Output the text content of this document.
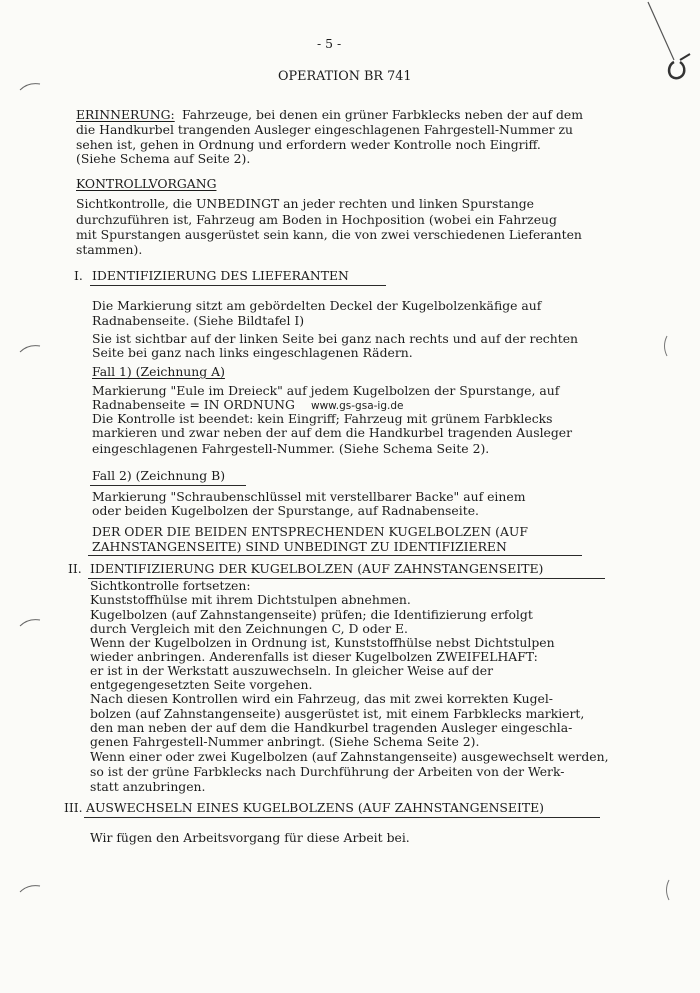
- 5 -
OPERATION BR 741
ERINNERUNG: Fahrzeuge, bei denen ein grüner Farbklecks neben der auf dem
die Handkurbel trangenden Ausleger eingeschlagenen Fahrgestell-Nummer zu
sehen ist, gehen in Ordnung und erfordern weder Kontrolle noch Eingriff.
(Siehe Schema auf Seite 2).
KONTROLLVORGANG
Sichtkontrolle, die UNBEDINGT an jeder rechten und linken Spurstange
durchzuführen ist, Fahrzeug am Boden in Hochposition (wobei ein Fahrzeug
mit Spurstangen ausgerüstet sein kann, die von zwei verschiedenen Lieferanten
stammen).
I. IDENTIFIZIERUNG DES LIEFERANTEN
Die Markierung sitzt am gebördelten Deckel der Kugelbolzenkäfige auf
Radnabenseite. (Siehe Bildtafel I)
Sie ist sichtbar auf der linken Seite bei ganz nach rechts und auf der rechten
Seite bei ganz nach links eingeschlagenen Rädern.
Fall 1) (Zeichnung A)
Markierung "Eule im Dreieck" auf jedem Kugelbolzen der Spurstange, auf
Radnabenseite = IN ORDNUNG www.gs-gsa-ig.de
Die Kontrolle ist beendet: kein Eingriff; Fahrzeug mit grünem Farbklecks
markieren und zwar neben der auf dem die Handkurbel tragenden Ausleger
eingeschlagenen Fahrgestell-Nummer. (Siehe Schema Seite 2).
Fall 2) (Zeichnung B)
Markierung "Schraubenschlüssel mit verstellbarer Backe" auf einem
oder beiden Kugelbolzen der Spurstange, auf Radnabenseite.
DER ODER DIE BEIDEN ENTSPRECHENDEN KUGELBOLZEN (AUF
ZAHNSTANGENSEITE) SIND UNBEDINGT ZU IDENTIFIZIEREN
II. IDENTIFIZIERUNG DER KUGELBOLZEN (AUF ZAHNSTANGENSEITE)
Sichtkontrolle fortsetzen:
Kunststoffhülse mit ihrem Dichtstulpen abnehmen.
Kugelbolzen (auf Zahnstangenseite) prüfen; die Identifizierung erfolgt
durch Vergleich mit den Zeichnungen C, D oder E.
Wenn der Kugelbolzen in Ordnung ist, Kunststoffhülse nebst Dichtstulpen
wieder anbringen. Anderenfalls ist dieser Kugelbolzen ZWEIFELHAFT:
er ist in der Werkstatt auszuwechseln. In gleicher Weise auf der
entgegengesetzten Seite vorgehen.
Nach diesen Kontrollen wird ein Fahrzeug, das mit zwei korrekten Kugel-
bolzen (auf Zahnstangenseite) ausgerüstet ist, mit einem Farbklecks markiert,
den man neben der auf dem die Handkurbel tragenden Ausleger eingeschla-
genen Fahrgestell-Nummer anbringt. (Siehe Schema Seite 2).
Wenn einer oder zwei Kugelbolzen (auf Zahnstangenseite) ausgewechselt werden,
so ist der grüne Farbklecks nach Durchführung der Arbeiten von der Werk-
statt anzubringen.
III. AUSWECHSELN EINES KUGELBOLZENS (AUF ZAHNSTANGENSEITE)
Wir fügen den Arbeitsvorgang für diese Arbeit bei.
